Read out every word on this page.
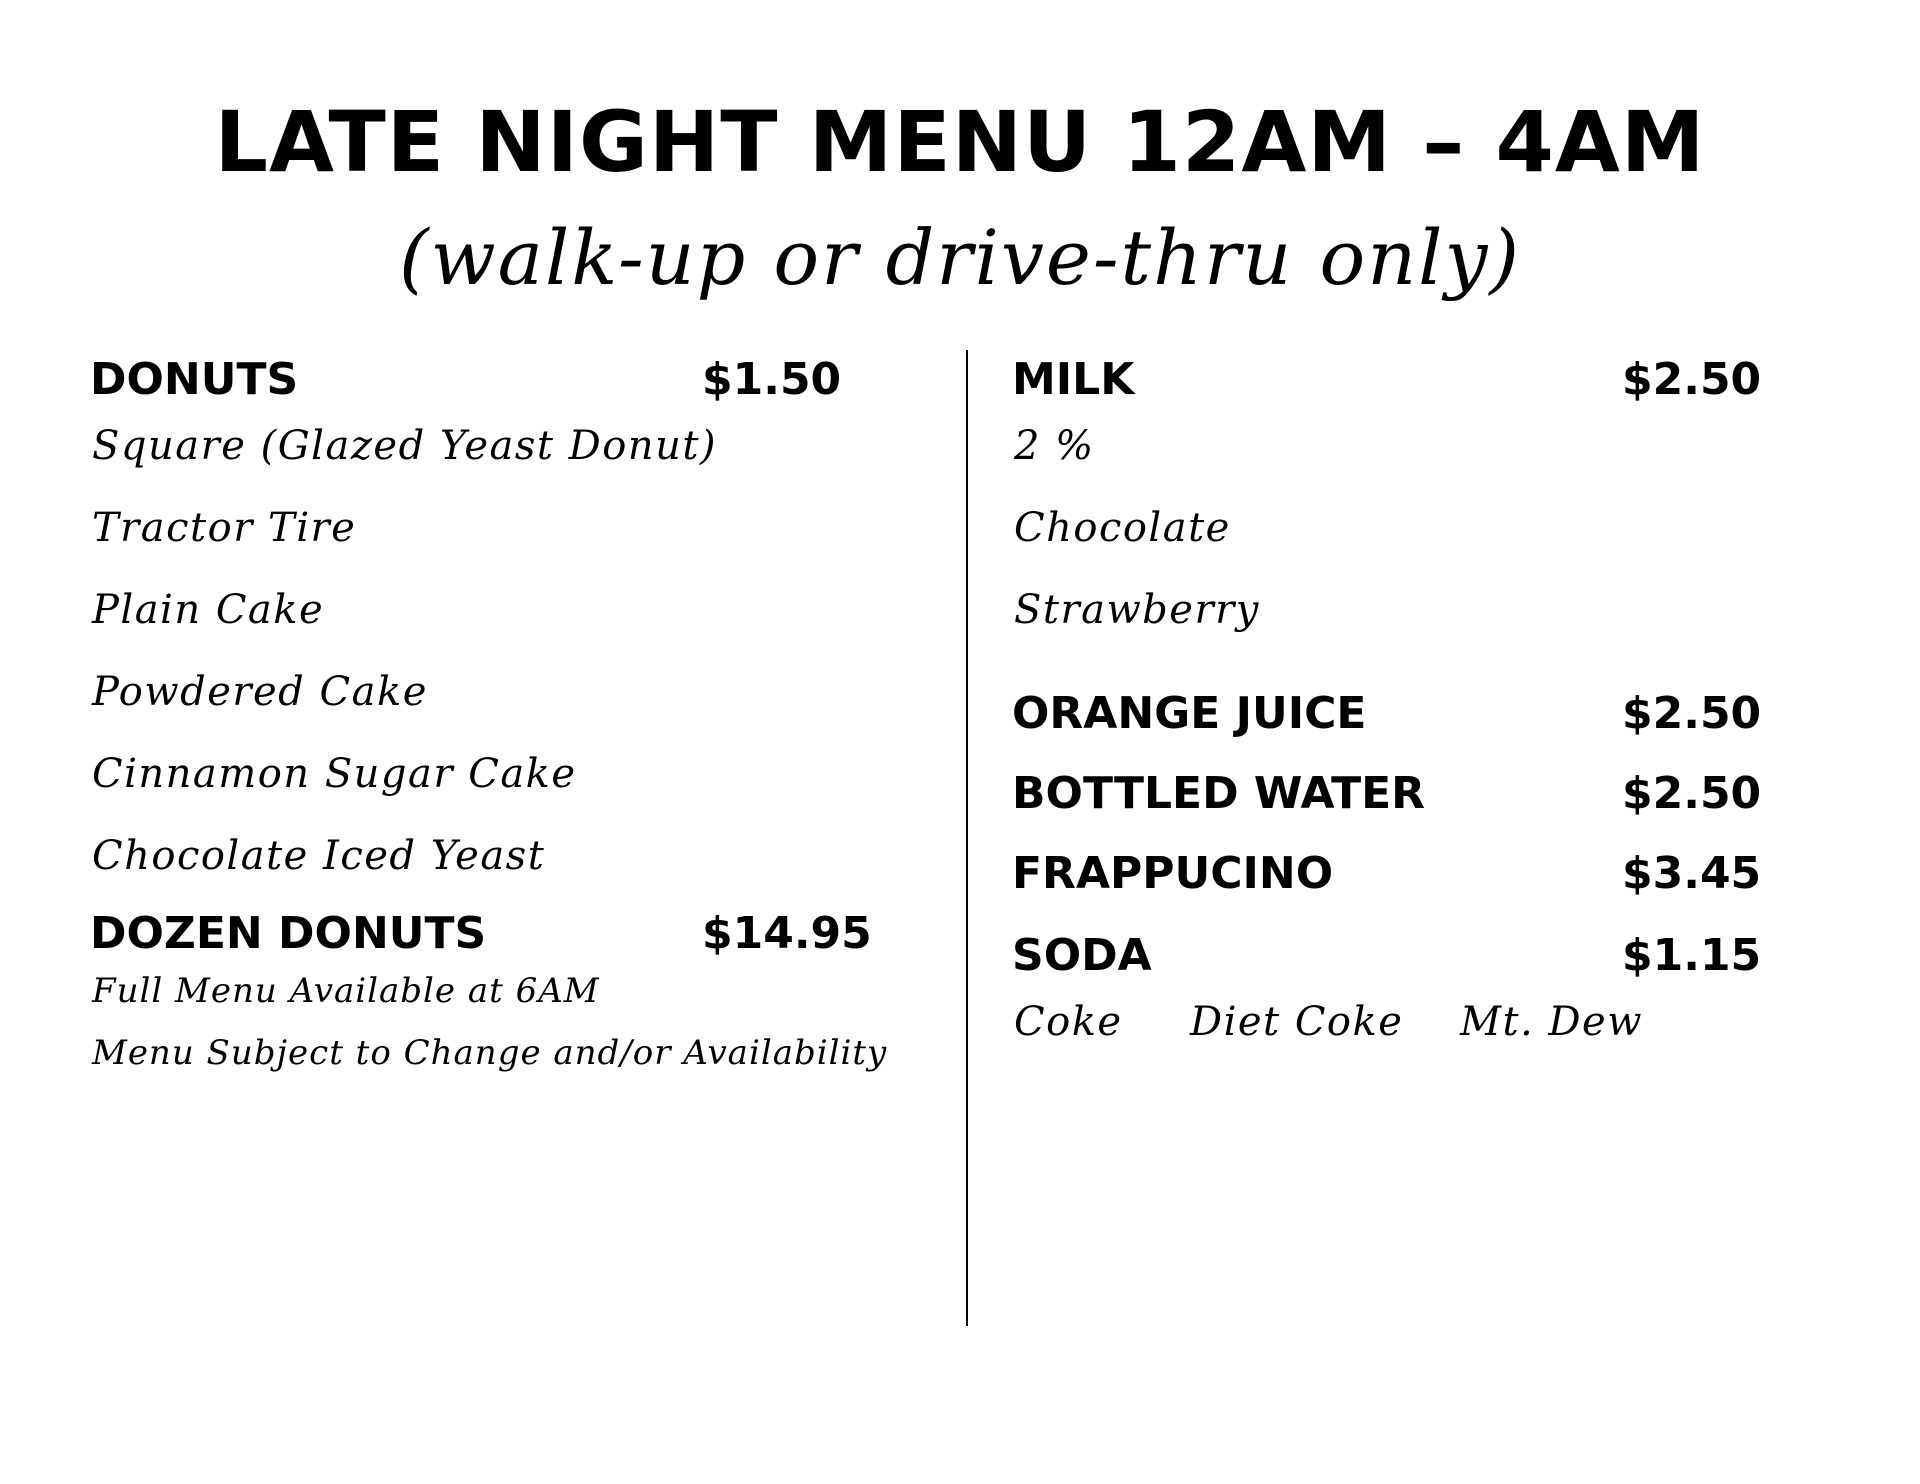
LATE NIGHT MENU 12AM – 4AM
(walk-up or drive-thru only)
DONUTS	$1.50
Square (Glazed Yeast Donut)
Tractor Tire
Plain Cake
Powdered Cake
Cinnamon Sugar Cake
Chocolate Iced Yeast
DOZEN DONUTS	$14.95
Full Menu Available at 6AM
Menu Subject to Change and/or Availability
MILK	$2.50
2 %
Chocolate
Strawberry
ORANGE JUICE	$2.50
BOTTLED WATER	$2.50
FRAPPUCINO	$3.45
SODA	$1.15
Coke Diet Coke Mt. Dew
